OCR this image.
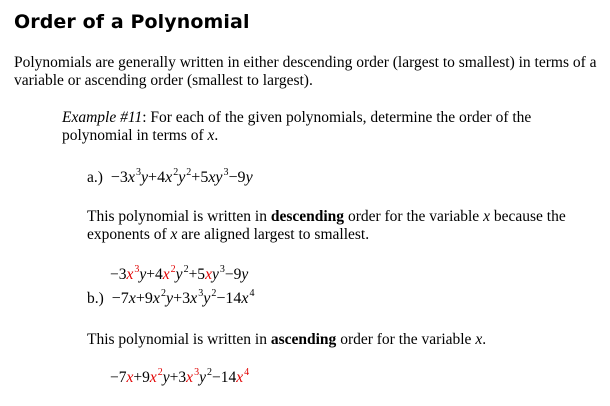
Order of a Polynomial
Polynomials are generally written in either descending order (largest to smallest) in terms of a variable or ascending order (smallest to largest).
Example #11: For each of the given polynomials, determine the order of the polynomial in terms of x.
$a.) -3x^3y+4x^2y^2+5xy^3-9y$
This polynomial is written in descending order for the variable x because the exponents of x are aligned largest to smallest.
$-3x^3y+4x^2y^2+5xy^3-9y$
$b.) -7x+9x^2y+3x^3y^2-14x^4$
This polynomial is written in ascending order for the variable x.
$-7x+9x^2y+3x^3y^2-14x^4$
